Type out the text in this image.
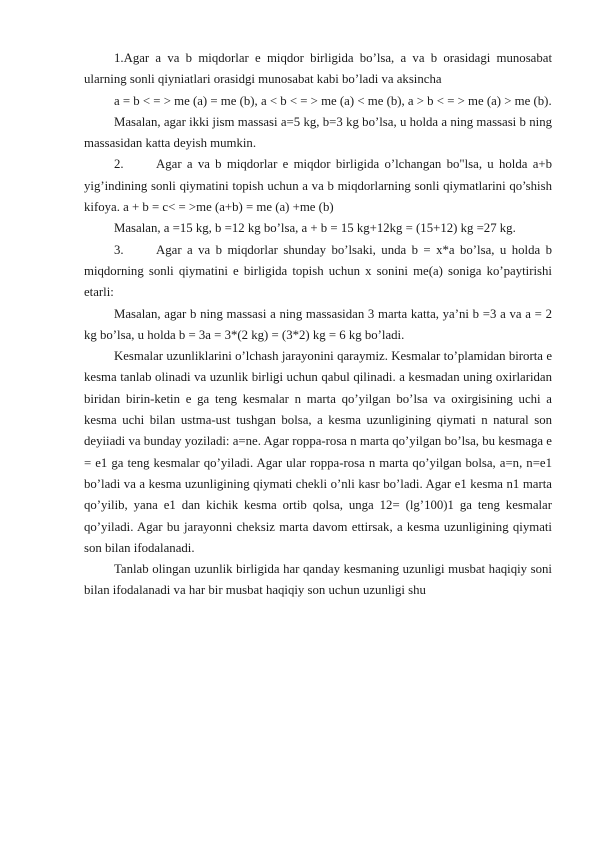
1.Agar a va b miqdorlar e miqdor birligida bo’lsa, a va b orasidagi munosabat ularning sonli qiyniatlari orasidgi munosabat kabi bo’ladi va aksincha

a = b < = > me (a) = me (b), a < b < = > me (a) < me (b), a > b < = > me (a) > me (b).

Masalan, agar ikki jism massasi a=5 kg, b=3 kg bo’lsa, u holda a ning massasi b ning massasidan katta deyish mumkin.

2.	Agar a va b miqdorlar e miqdor birligida o’lchangan bo"lsa, u holda a+b yig’indining sonli qiymatini topish uchun a va b miqdorlarning sonli qiymatlarini qo’shish kifoya. a + b = c< = >me (a+b) = me (a) +me (b)

Masalan, a =15 kg, b =12 kg bo’lsa, a + b = 15 kg+12kg = (15+12) kg =27 kg.

3.	Agar a va b miqdorlar shunday bo’lsaki, unda b = x*a bo’lsa, u holda b miqdorning sonli qiymatini e birligida topish uchun x sonini me(a) soniga ko’paytirishi etarli:

Masalan, agar b ning massasi a ning massasidan 3 marta katta, ya’ni b =3 a va a = 2 kg bo’lsa, u holda b = 3a = 3*(2 kg) = (3*2) kg = 6 kg bo’ladi.

Kesmalar uzunliklarini o’lchash jarayonini qaraymiz. Kesmalar to’plamidan birorta e kesma tanlab olinadi va uzunlik birligi uchun qabul qilinadi. a kesmadan uning oxirlaridan biridan birin-ketin e ga teng kesmalar n marta qo’yilgan bo’lsa va oxirgisining uchi a kesma uchi bilan ustma-ust tushgan bolsa, a kesma uzunligining qiymati n natural son deyiiadi va bunday yoziladi: a=ne. Agar roppa-rosa n marta qo’yilgan bo’lsa, bu kesmaga e = e1 ga teng kesmalar qo’yiladi. Agar ular roppa-rosa n marta qo’yilgan bolsa, a=n, n=e1 bo’ladi va a kesma uzunligining qiymati chekli o’nli kasr bo’ladi. Agar e1 kesma n1 marta qo’yilib, yana e1 dan kichik kesma ortib qolsa, unga 12= (lg’100)1 ga teng kesmalar qo’yiladi. Agar bu jarayonni cheksiz marta davom ettirsak, a kesma uzunligining qiymati son bilan ifodalanadi.

Tanlab olingan uzunlik birligida har qanday kesmaning uzunligi musbat haqiqiy soni bilan ifodalanadi va har bir musbat haqiqiy son uchun uzunligi shu
